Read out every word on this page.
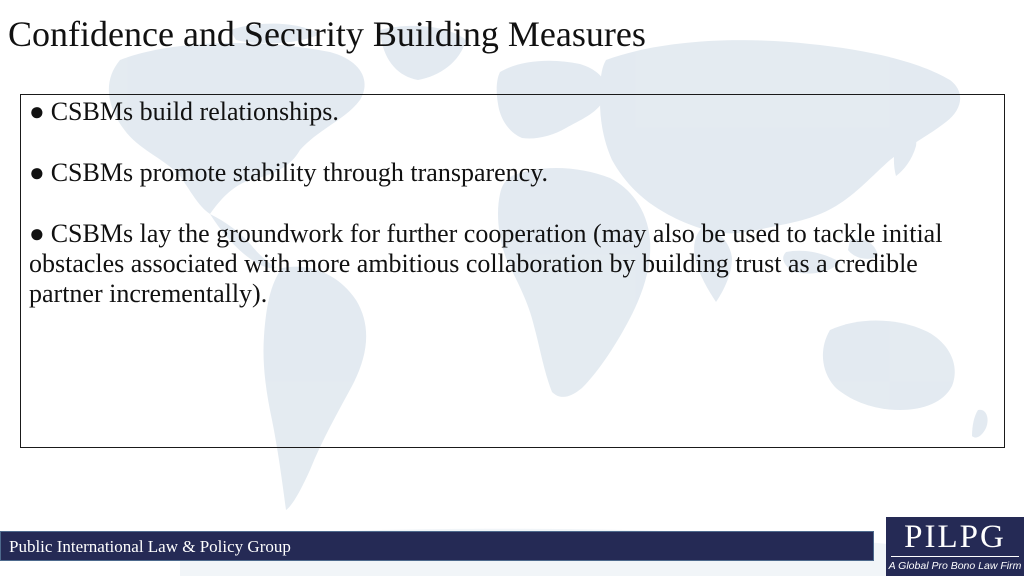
Confidence and Security Building Measures

● CSBMs build relationships.

● CSBMs promote stability through transparency.

● CSBMs lay the groundwork for further cooperation (may also be used to tackle initial obstacles associated with more ambitious collaboration by building trust as a credible partner incrementally).

Public International Law & Policy Group	PILPG
A Global Pro Bono Law Firm
